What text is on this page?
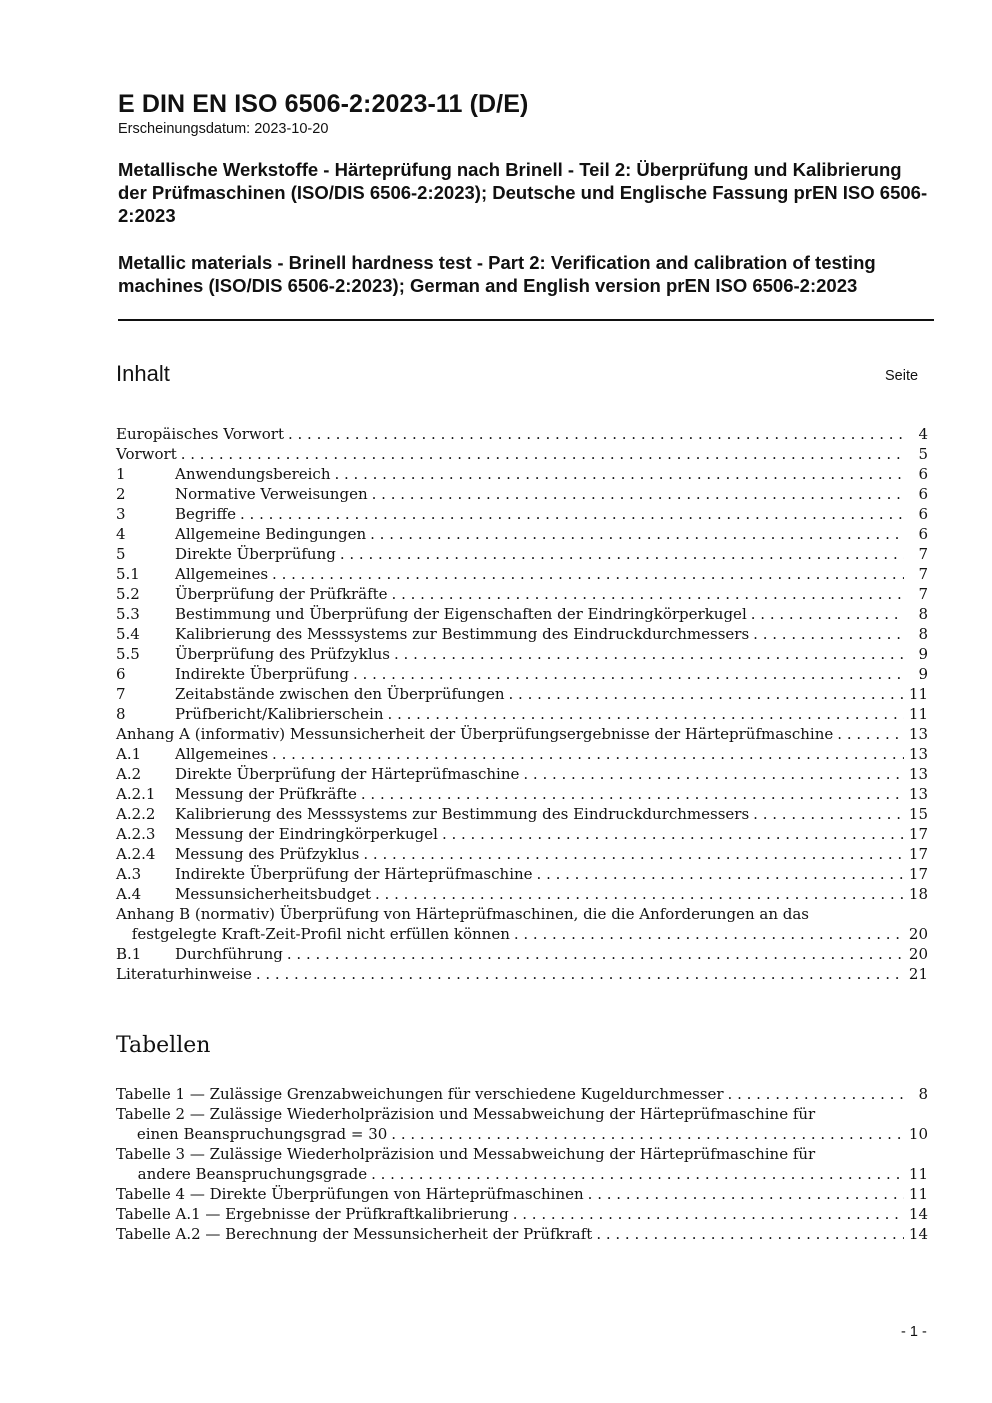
E DIN EN ISO 6506-2:2023-11 (D/E)
Erscheinungsdatum: 2023-10-20
Metallische Werkstoffe - Härteprüfung nach Brinell - Teil 2: Überprüfung und Kalibrierung der Prüfmaschinen (ISO/DIS 6506-2:2023); Deutsche und Englische Fassung prEN ISO 6506-2:2023
Metallic materials - Brinell hardness test - Part 2: Verification and calibration of testing machines (ISO/DIS 6506-2:2023); German and English version prEN ISO 6506-2:2023
Inhalt	Seite
Europäisches Vorwort . . .	4
Vorwort . . .	5
1	Anwendungsbereich . . .	6
2	Normative Verweisungen . . .	6
3	Begriffe . . .	6
4	Allgemeine Bedingungen . . .	6
5	Direkte Überprüfung . . .	7
5.1	Allgemeines . . .	7
5.2	Überprüfung der Prüfkräfte . . .	7
5.3	Bestimmung und Überprüfung der Eigenschaften der Eindringkörperkugel . . .	8
5.4	Kalibrierung des Messsystems zur Bestimmung des Eindruckdurchmessers . . .	8
5.5	Überprüfung des Prüfzyklus . . .	9
6	Indirekte Überprüfung . . .	9
7	Zeitabstände zwischen den Überprüfungen . . .	11
8	Prüfbericht/Kalibrierschein . . .	11
Anhang A (informativ) Messunsicherheit der Überprüfungsergebnisse der Härteprüfmaschine . . .	13
A.1	Allgemeines . . .	13
A.2	Direkte Überprüfung der Härteprüfmaschine . . .	13
A.2.1	Messung der Prüfkräfte . . .	13
A.2.2	Kalibrierung des Messsystems zur Bestimmung des Eindruckdurchmessers . . .	15
A.2.3	Messung der Eindringkörperkugel . . .	17
A.2.4	Messung des Prüfzyklus . . .	17
A.3	Indirekte Überprüfung der Härteprüfmaschine . . .	17
A.4	Messunsicherheitsbudget . . .	18
Anhang B (normativ) Überprüfung von Härteprüfmaschinen, die die Anforderungen an das
festgelegte Kraft-Zeit-Profil nicht erfüllen können . . .	20
B.1	Durchführung . . .	20
Literaturhinweise . . .	21
Tabellen
Tabelle 1 — Zulässige Grenzabweichungen für verschiedene Kugeldurchmesser . . .	8
Tabelle 2 — Zulässige Wiederholpräzision und Messabweichung der Härteprüfmaschine für
einen Beanspruchungsgrad = 30 . . .	10
Tabelle 3 — Zulässige Wiederholpräzision und Messabweichung der Härteprüfmaschine für
andere Beanspruchungsgrade . . .	11
Tabelle 4 — Direkte Überprüfungen von Härteprüfmaschinen . . .	11
Tabelle A.1 — Ergebnisse der Prüfkraftkalibrierung . . .	14
Tabelle A.2 — Berechnung der Messunsicherheit der Prüfkraft . . .	14
- 1 -
